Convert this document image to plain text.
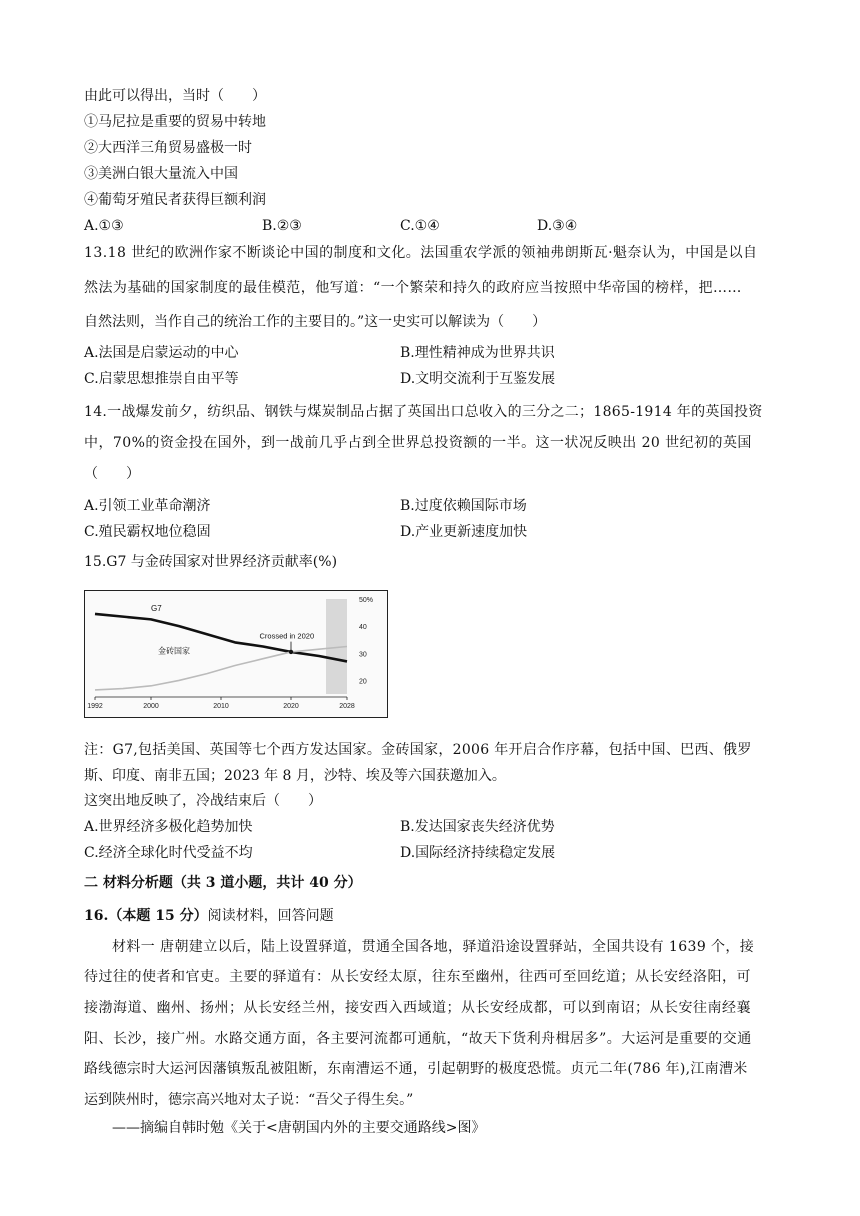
由此可以得出，当时（　　）
①马尼拉是重要的贸易中转地
②大西洋三角贸易盛极一时
③美洲白银大量流入中国
④葡萄牙殖民者获得巨额利润
A.①③	B.②③	C.①④	D.③④
13.18 世纪的欧洲作家不断谈论中国的制度和文化。法国重农学派的领袖弗朗斯瓦·魁奈认为，中国是以自
然法为基础的国家制度的最佳模范，他写道：“一个繁荣和持久的政府应当按照中华帝国的榜样，把……
自然法则，当作自己的统治工作的主要目的。”这一史实可以解读为（　　）
A.法国是启蒙运动的中心	B.理性精神成为世界共识
C.启蒙思想推崇自由平等	D.文明交流利于互鉴发展
14.一战爆发前夕，纺织品、钢铁与煤炭制品占据了英国出口总收入的三分之二；1865-1914 年的英国投资
中，70%的资金投在国外，到一战前几乎占到全世界总投资额的一半。这一状况反映出 20 世纪初的英国
（　　）
A.引领工业革命潮济	B.过度依赖国际市场
C.殖民霸权地位稳固	D.产业更新速度加快
15.G7 与金砖国家对世界经济贡献率(%)
50%
40
30
20
1992	2000	2010	2020	2028
G7
金砖国家
Crossed in 2020
注：G7,包括美国、英国等七个西方发达国家。金砖国家，2006 年开启合作序幕，包括中国、巴西、俄罗
斯、印度、南非五国；2023 年 8 月，沙特、埃及等六国获邀加入。
这突出地反映了，冷战结束后（　　）
A.世界经济多极化趋势加快	B.发达国家丧失经济优势
C.经济全球化时代受益不均	D.国际经济持续稳定发展
二 材料分析题（共 3 道小题，共计 40 分）
16.（本题 15 分）阅读材料，回答问题
材料一 唐朝建立以后，陆上设置驿道，贯通全国各地，驿道沿途设置驿站，全国共设有 1639 个，接
待过往的使者和官吏。主要的驿道有：从长安经太原，往东至幽州，往西可至回纥道；从长安经洛阳，可
接渤海道、幽州、扬州；从长安经兰州，接安西入西域道；从长安经成都，可以到南诏；从长安往南经襄
阳、长沙，接广州。水路交通方面，各主要河流都可通航，“故天下货利舟楫居多”。大运河是重要的交通
路线德宗时大运河因藩镇叛乱被阻断，东南漕运不通，引起朝野的极度恐慌。贞元二年(786 年),江南漕米
运到陕州时，德宗高兴地对太子说：“吾父子得生矣。”
——摘编自韩时勉《关于<唐朝国内外的主要交通路线>图》
